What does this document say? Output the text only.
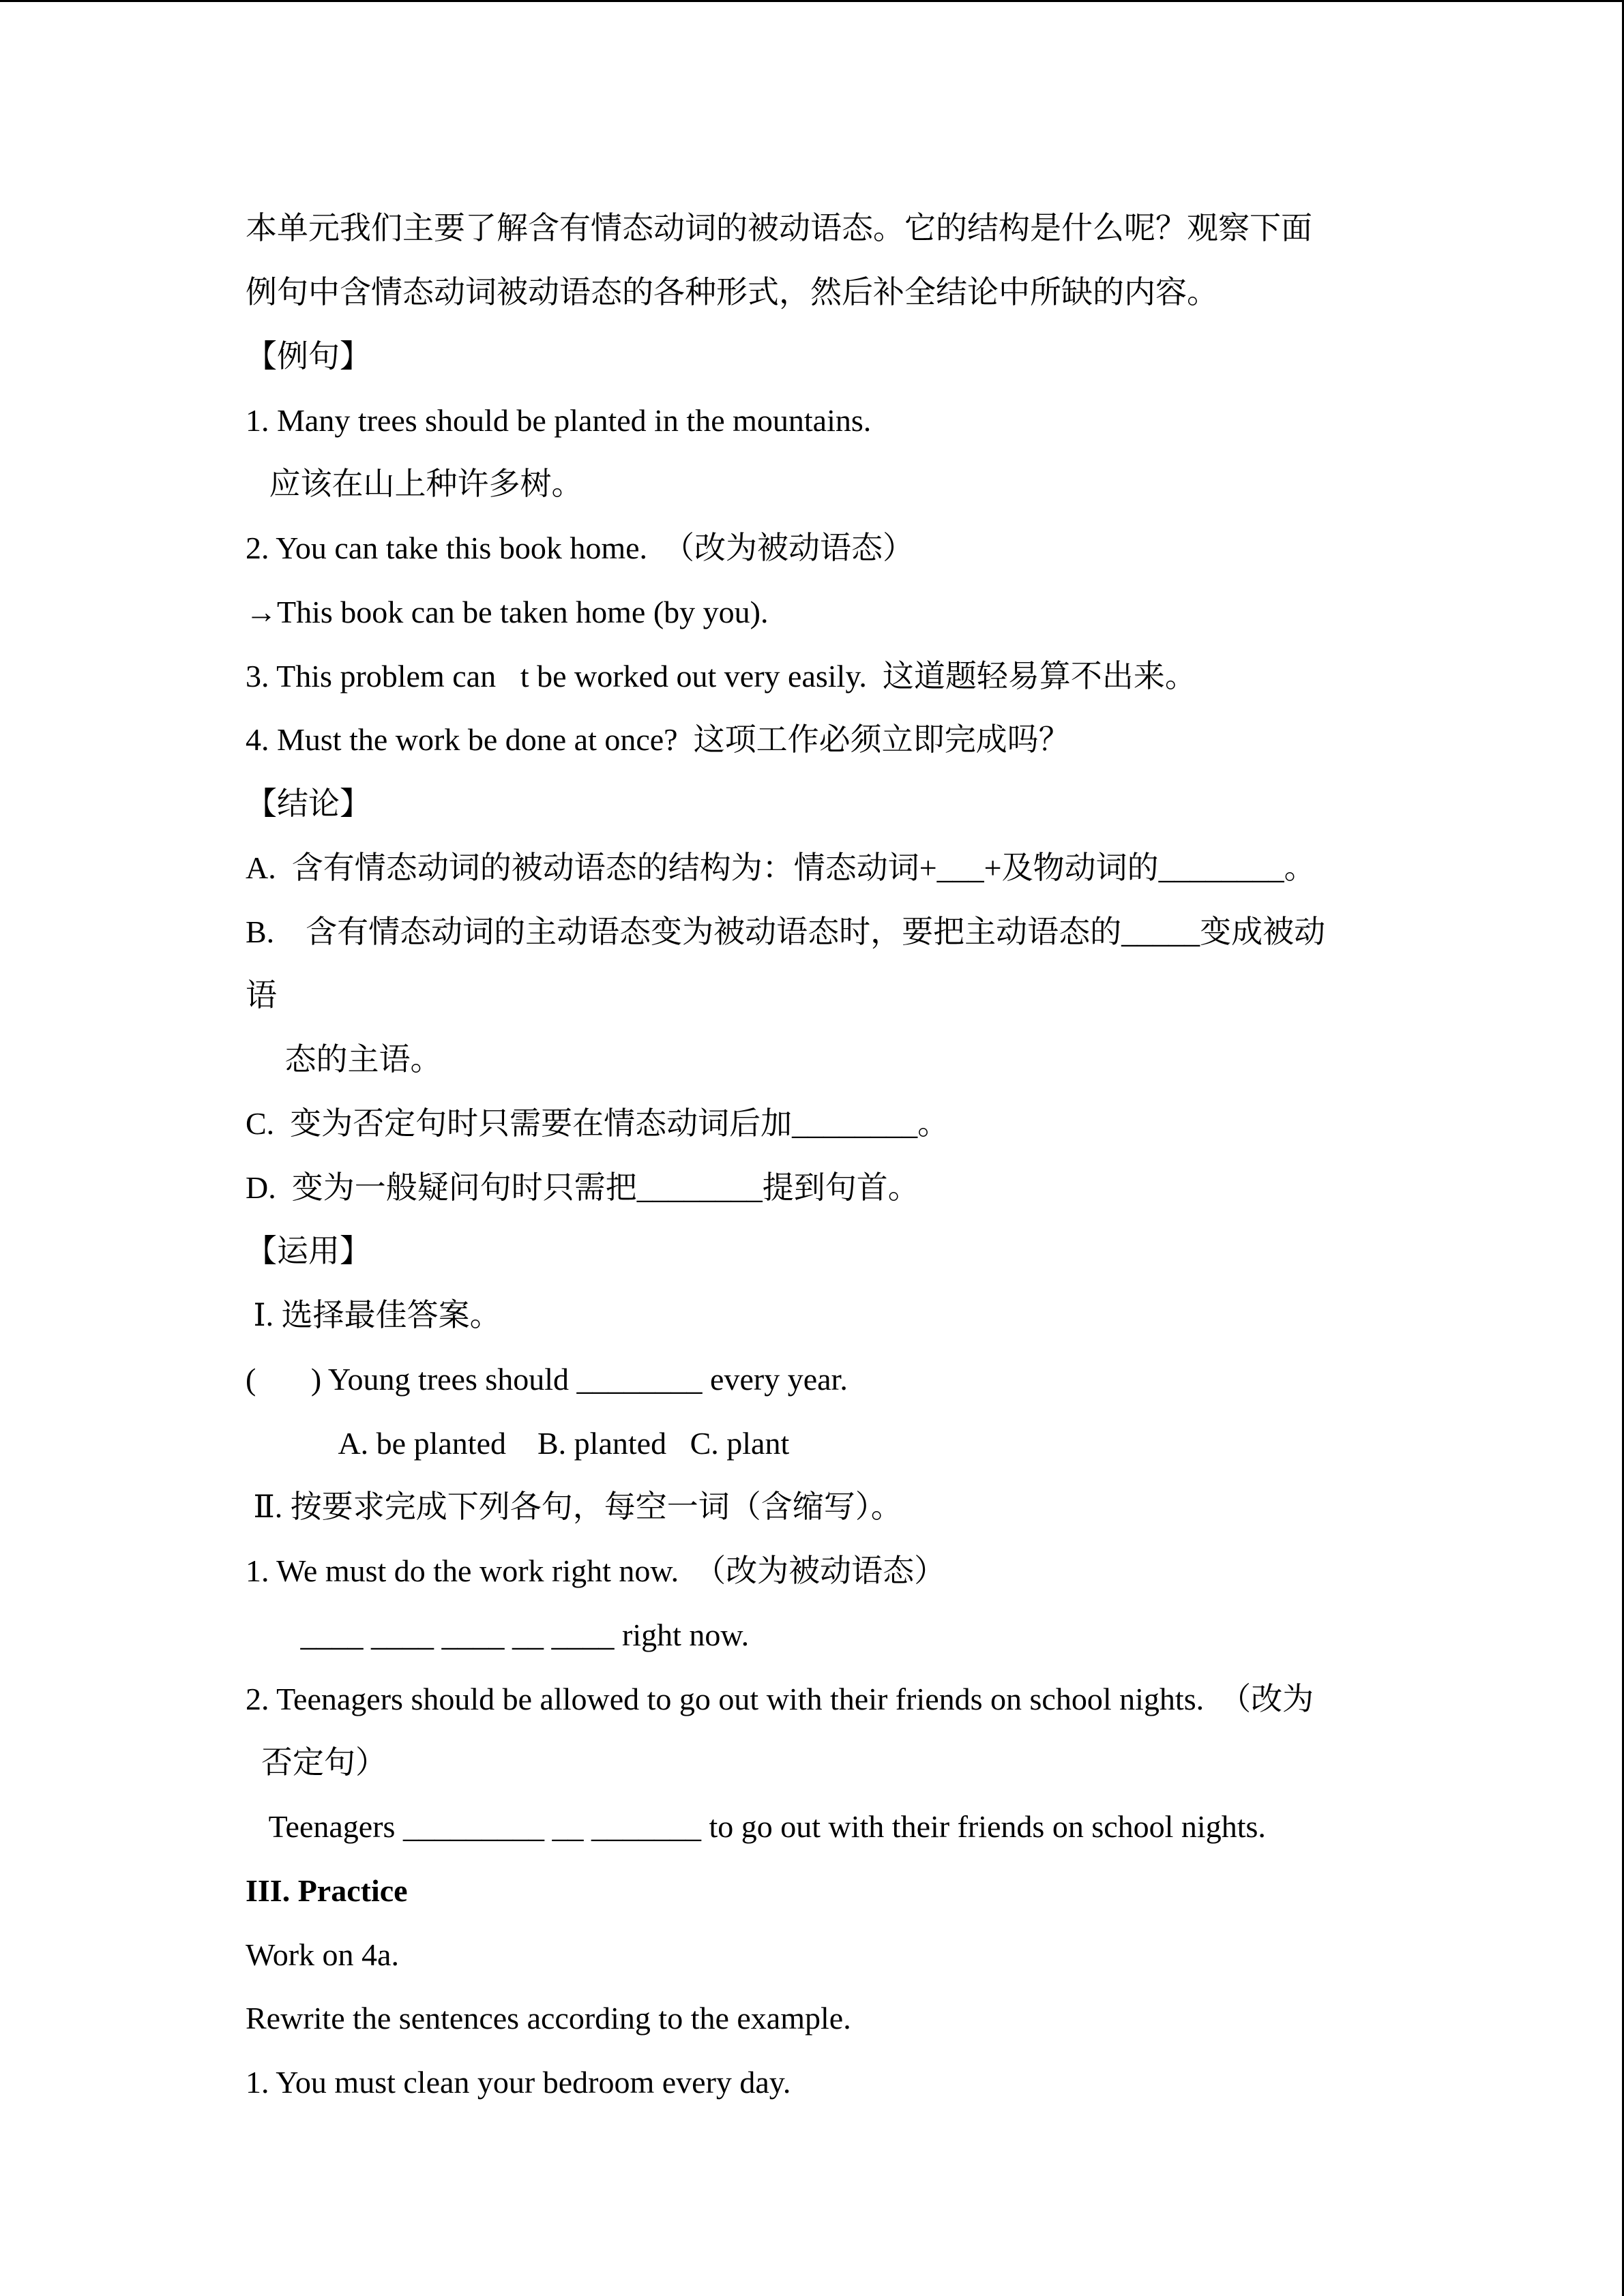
本单元我们主要了解含有情态动词的被动语态。它的结构是什么呢？观察下面
例句中含情态动词被动语态的各种形式，然后补全结论中所缺的内容。
【例句】
1. Many trees should be planted in the mountains.
应该在山上种许多树。
2. You can take this book home.  （改为被动语态）
→This book can be taken home (by you).
3. This problem can t be worked out very easily.  这道题轻易算不出来。
4. Must the work be done at once?  这项工作必须立即完成吗？
【结论】
A.  含有情态动词的被动语态的结构为：情态动词+___+及物动词的________。
B.    含有情态动词的主动语态变为被动语态时，要把主动语态的_____变成被动
语
态的主语。
C.  变为否定句时只需要在情态动词后加________。
D.  变为一般疑问句时只需把________提到句首。
【运用】
Ⅰ. 选择最佳答案。
(       ) Young trees should ________ every year.
A. be planted    B. planted   C. plant
Ⅱ. 按要求完成下列各句，每空一词（含缩写）。
1. We must do the work right now.  （改为被动语态）
____ ____ ____ __ ____ right now.
2. Teenagers should be allowed to go out with their friends on school nights.  （改为
否定句）
Teenagers _________ __ _______ to go out with their friends on school nights.
III. Practice
Work on 4a.
Rewrite the sentences according to the example.
1. You must clean your bedroom every day.
